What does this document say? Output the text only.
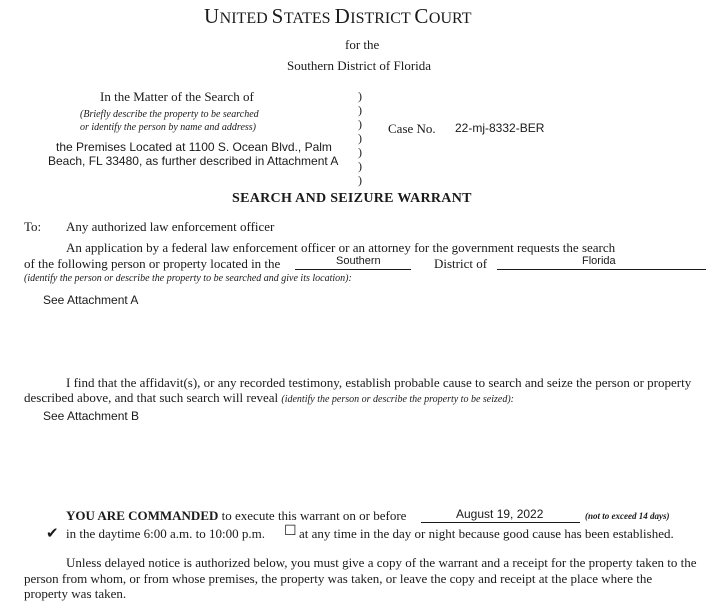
UNITED STATES DISTRICT COURT
for the
Southern District of Florida
In the Matter of the Search of
(Briefly describe the property to be searched
or identify the person by name and address)
the Premises Located at 1100 S. Ocean Blvd., Palm
Beach, FL 33480, as further described in Attachment A
)
)
)
)
)
)
)
Case No. 22-mj-8332-BER
SEARCH AND SEIZURE WARRANT
To: Any authorized law enforcement officer
An application by a federal law enforcement officer or an attorney for the government requests the search
of the following person or property located in the	Southern	District of	Florida
(identify the person or describe the property to be searched and give its location):
See Attachment A
I find that the affidavit(s), or any recorded testimony, establish probable cause to search and seize the person or property
described above, and that such search will reveal (identify the person or describe the property to be seized):
See Attachment B
YOU ARE COMMANDED to execute this warrant on or before	August 19, 2022	(not to exceed 14 days)
✔ in the daytime 6:00 a.m. to 10:00 p.m. ☐ at any time in the day or night because good cause has been established.
Unless delayed notice is authorized below, you must give a copy of the warrant and a receipt for the property taken to the
person from whom, or from whose premises, the property was taken, or leave the copy and receipt at the place where the
property was taken.
